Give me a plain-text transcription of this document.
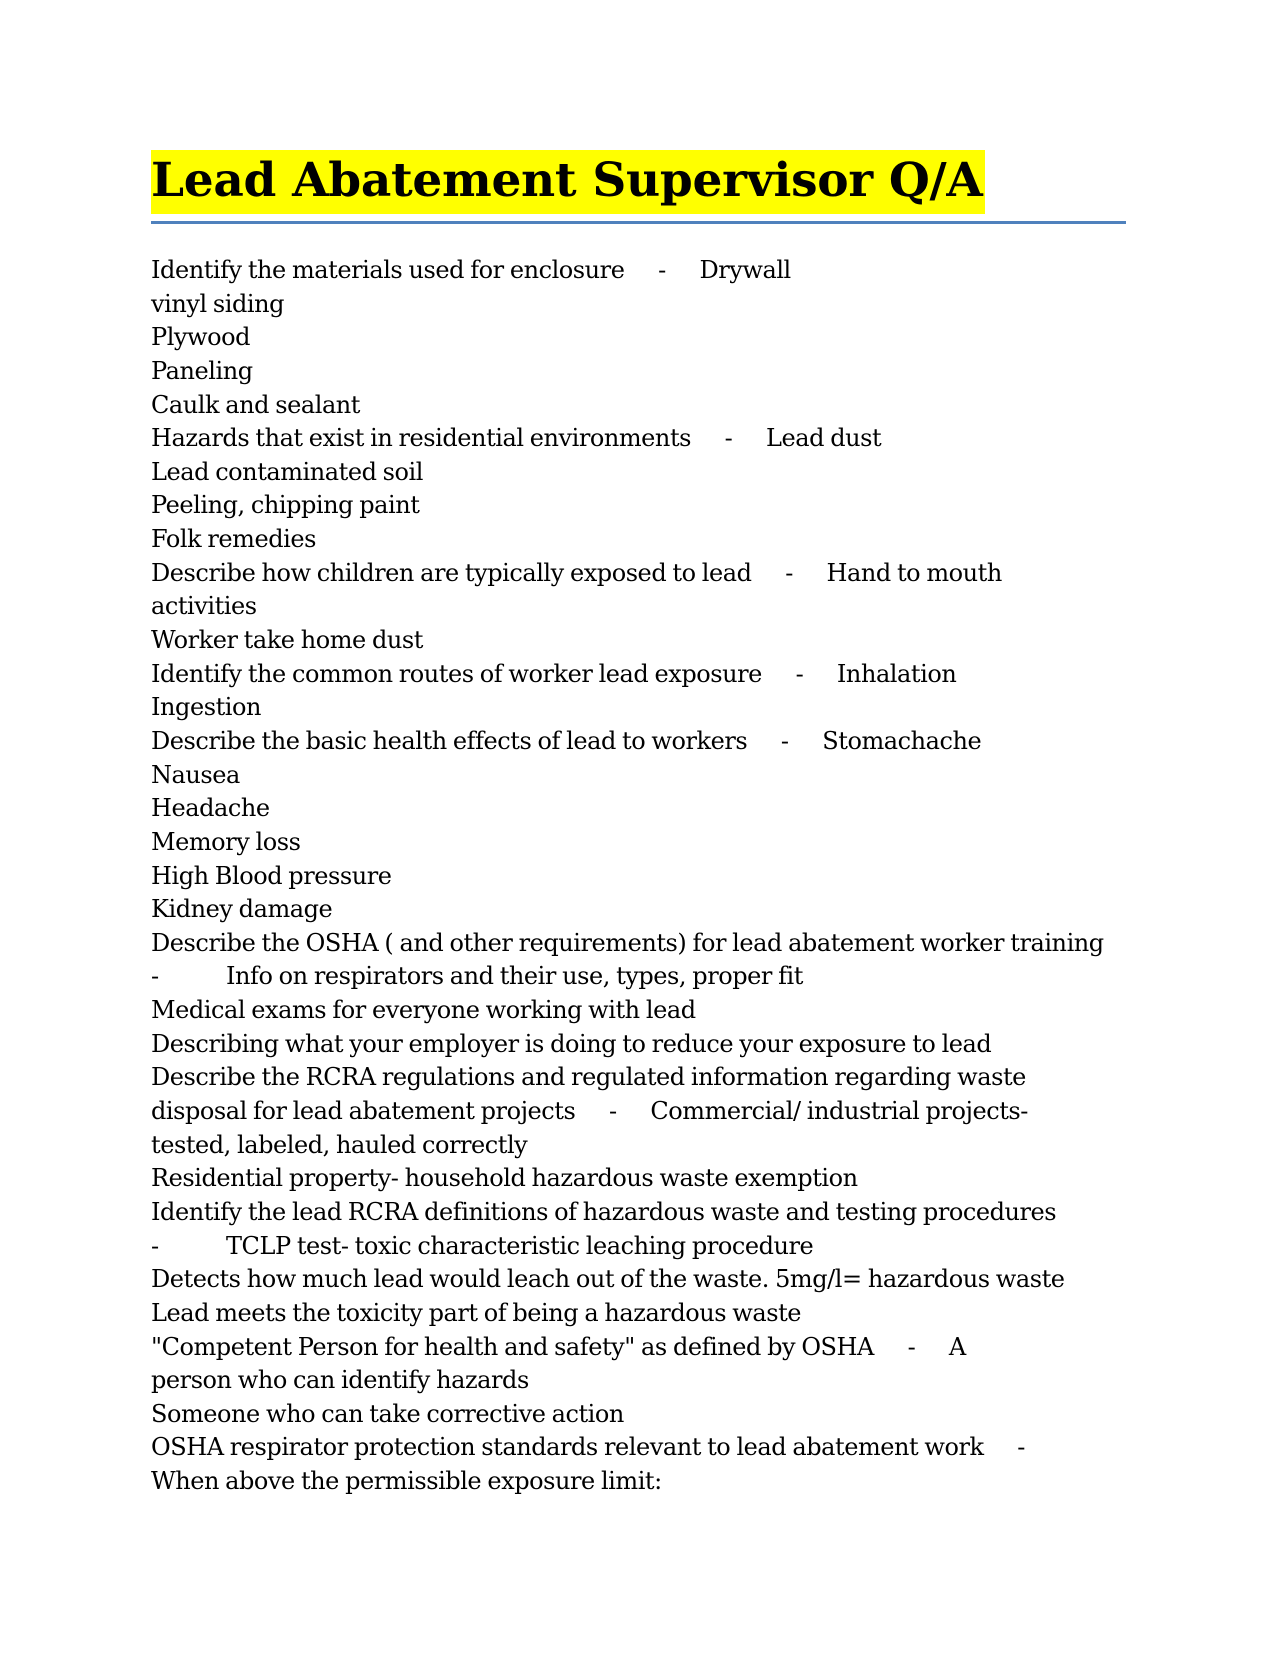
Lead Abatement Supervisor Q/A
Identify the materials used for enclosure - Drywall
vinyl siding
Plywood
Paneling
Caulk and sealant
Hazards that exist in residential environments - Lead dust
Lead contaminated soil
Peeling, chipping paint
Folk remedies
Describe how children are typically exposed to lead - Hand to mouth
activities
Worker take home dust
Identify the common routes of worker lead exposure - Inhalation
Ingestion
Describe the basic health effects of lead to workers - Stomachache
Nausea
Headache
Memory loss
High Blood pressure
Kidney damage
Describe the OSHA ( and other requirements) for lead abatement worker training
-	Info on respirators and their use, types, proper fit
Medical exams for everyone working with lead
Describing what your employer is doing to reduce your exposure to lead
Describe the RCRA regulations and regulated information regarding waste
disposal for lead abatement projects - Commercial/ industrial projects-
tested, labeled, hauled correctly
Residential property- household hazardous waste exemption
Identify the lead RCRA definitions of hazardous waste and testing procedures
-	TCLP test- toxic characteristic leaching procedure
Detects how much lead would leach out of the waste. 5mg/l= hazardous waste
Lead meets the toxicity part of being a hazardous waste
"Competent Person for health and safety" as defined by OSHA - A
person who can identify hazards
Someone who can take corrective action
OSHA respirator protection standards relevant to lead abatement work -
When above the permissible exposure limit:
